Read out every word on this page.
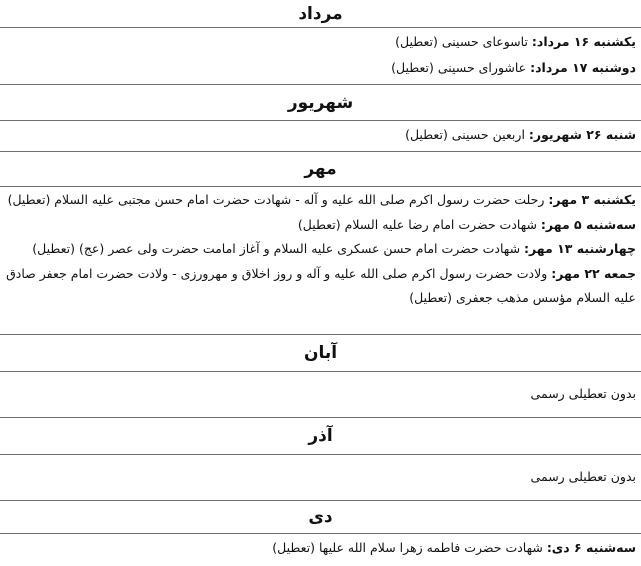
مرداد
یکشنبه ۱۶ مرداد: تاسوعای حسینی (تعطیل)
دوشنبه ۱۷ مرداد: عاشورای حسینی (تعطیل)
شهریور
شنبه ۲۶ شهریور: اربعین حسینی (تعطیل)
مهر
یکشنبه ۳ مهر: رحلت حضرت رسول اکرم صلی الله علیه و آله - شهادت حضرت امام حسن مجتبی علیه السلام (تعطیل)
سه‌شنبه ۵ مهر: شهادت حضرت امام رضا علیه السلام (تعطیل)
چهارشنبه ۱۳ مهر: شهادت حضرت امام حسن عسکری علیه السلام و آغاز امامت حضرت ولی عصر (عج) (تعطیل)
جمعه ۲۲ مهر: ولادت حضرت رسول اکرم صلی الله علیه و آله و روز اخلاق و مهرورزی - ولادت حضرت امام جعفر صادق علیه السلام مؤسس مذهب جعفری (تعطیل)
آبان
بدون تعطیلی رسمی
آذر
بدون تعطیلی رسمی
دی
سه‌شنبه ۶ دی: شهادت حضرت فاطمه زهرا سلام الله علیها (تعطیل)
